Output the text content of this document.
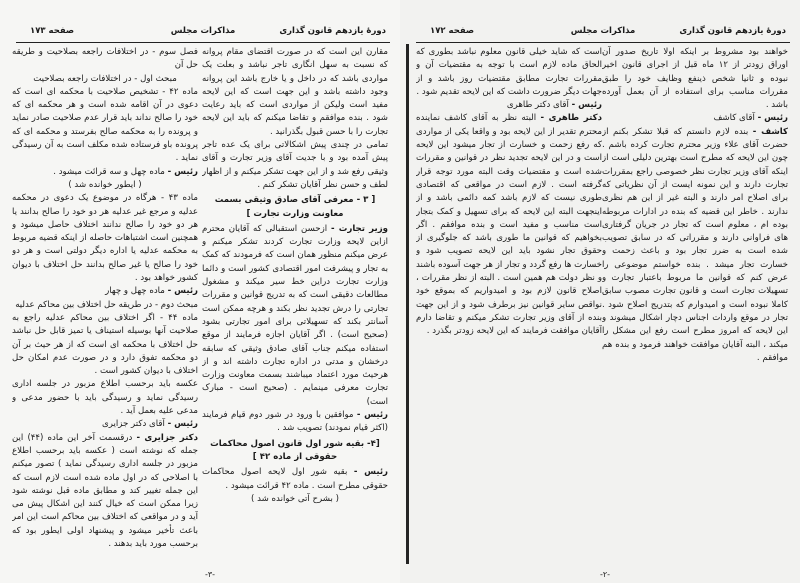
دورهٔ یازدهم قانون گذاری
مذاکرات مجلس
صفحه ۱۷۳

مقارن این است که در صورت اقتضای مقام پروانه که نسبت به سهل انگاری تاجر نباشد و بعلت یک مواردی باشد که در داخل و یا خارج باشد این پروانه وجود داشته باشد و این جهت است که این لایحه مفید است ولیکن از مواردی است که باید رعایت شود . بنده موافقم و تقاضا میکنم که باید این لایحه تجارت را با حسن قبول بگذرانید .

تمامی در چندی پیش اشکالاتی برای یک عده تاجر پیش آمده بود و با جدیت آقای وزیر تجارت و آقای وثیقی رفع شد و از این جهت تشکر میکنم و از اظهار لطف و حسن نظر آقایان تشکر کنم .

[ ۳ - معرفی آقای صادق وثیقی بسمت معاونت وزارت تجارت ]

وزیر تجارت - ازحسن استقبالی که آقایان محترم ازاین لایحه وزارت تجارت کردند تشکر میکنم و عرض میکنم منظور همان است که فرمودند که کمک به تجار و پیشرفت امور اقتصادی کشور است و دائما وزارت تجارت دراین خط سیر میکند و مشغول مطالعات دقیقی است که به تدریج قوانین و مقررات تجارتی را درش تجدید نظر بکند و هرچه ممکن است آسانتر بکند که تسهیلاتی برای امور تجارتی بشود (صحیح است) . اگر آقایان اجازه فرمایند از موقع استفاده میکنم جناب آقای صادق وثیقی که سابقه درخشان و مدتی در اداره تجارت داشته اند و از هرحیث مورد اعتماد میباشند بسمت معاونت وزارت تجارت معرفی مینمایم . (صحیح است - مبارک است)

رئیس - موافقین با ورود در شور دوم قیام فرمایند (اکثر قیام نمودند) تصویب شد .

[۴- بقیه شور اول قانون اصول محاکمات حقوقی از ماده ۴۲ ]

رئیس - بقیه شور اول لایحه اصول محاکمات حقوقی مطرح است . ماده ۴۲ قرائت میشود .

( بشرح آتی خوانده شد )

فصل سوم - در اختلافات راجعه بصلاحیت و طریقه حل آن

مبحث اول - در اختلافات راجعه بصلاحیت

ماده ۴۲ - تشخیص صلاحیت با محکمه ای است که دعوی در آن اقامه شده است و هر محکمه ای که خود را صالح نداند باید قرار عدم صلاحیت صادر نماید و پرونده را به محکمه صالح بفرستد و محکمه ای که پرونده باو فرستاده شده مکلف است به آن رسیدگی نماید .

رئیس - ماده چهل و سه قرائت میشود .

( ایطور خوانده شد )

ماده ۴۳ - هرگاه در موضوع یک دعوی در محکمه عدلیه و مرجع غیر عدلیه هر دو خود را صالح بدانند یا هر دو خود را صالح ندانند اختلاف حاصل میشود و همچنین است اشتباهات حاصله از اینکه قضیه مربوط به محکمه عدلیه یا اداره دیگر دولتی است و هر دو خود را صالح یا غیر صالح بدانند حل اختلاف با دیوان کشور خواهد بود .

رئیس - ماده چهل و چهار

مبحث دوم - در طریقه حل اختلاف بین محاکم عدلیه

ماده ۴۴ - اگر اختلاف بین محاکم عدلیه راجع به صلاحیت آنها بوسیله استیناف یا تمیز قابل حل نباشد حل اختلاف با محکمه ای است که از هر حیث بر آن دو محکمه تفوق دارد و در صورت عدم امکان حل اختلاف با دیوان کشور است .

عکسه باید برحسب اطلاع مزبور در جلسه اداری رسیدگی نماید و رسیدگی باید با حضور مدعی و مدعی علیه بعمل آید .

رئیس - آقای دکتر جزایری

دکتر جزایری - درقسمت آخر این ماده (۴۴) این جمله که نوشته است ( عکسه باید برحسب اطلاع مزبور در جلسه اداری رسیدگی نماید ) تصور میکنم با اصلاحی که در اول ماده شده است لازم است که این جمله تغییر کند و مطابق ماده قبل نوشته شود زیرا ممکن است که خیال کنند این اشکال پیش می آید و در مواقعی که اختلاف بین محاکم است این امر باعث تأخیر میشود و پیشنهاد اولی ایطور بود که برحسب مورد باید بدهند .

-۳-
دورهٔ یازدهم قانون گذاری
مذاکرات مجلس
صفحه ۱۷۲

خواهند بود مشروط بر اینکه اولا تاریخ صدور آن اوراق زودتر از ۱۲ ماه قبل از اجرای قانون اخیر نبوده و ثانیا شخص ذینفع وظایف خود را طبق مقررات مناسب برای استفاده از آن بعمل آورده باشد .

رئیس - آقای کاشف

کاشف - بنده لازم دانستم که قبلا تشکر بکنم از حضرت آقای علاء وزیر محترم تجارت کرده باشم . چون این لایحه که مطرح است بهترین دلیلی است از اینکه آقای وزیر تجارت نظر خصوصی راجع بمقررات تجارت دارند و این نمونه ایست از آن نظریاتی که برای اصلاح امر دارند و البته غیر از این هم نظری ندارند . خاطر این قضیه که بنده در ادارات مربوطه بوده ام ، معلوم است که تجار در جریان گرفتاری های فراوانی دارند و مقرراتی که در سابق تصویب شده است به ضرر تجار بود و باعث زحمت و خسارت تجار میشد . بنده خواستم موضوعی را عرض کنم که قوانین ما مربوط باعتبار تجارت و تسهیلات تجارت است و قانون تجارت مصوب سابق کاملا نبوده است و امیدوارم که بتدریج اصلاح شود . تجار در موقع واردات اجناس دچار اشکال میشوند و این لایحه که امروز مطرح است رفع این مشکل را میکند ، البته آقایان موافقت خواهند فرمود و بنده هم موافقم .

است که شاید خیلی قانون معلوم نباشد بطوری که الحاق ماده لازم است با توجه به مقتضیات آن و مقررات تجارت مطابق مقتضیات روز باشد و از جهات دیگر ضرورت داشت که این لایحه تقدیم شود .

رئیس - آقای دکتر طاهری

دکتر طاهری - البته نظر به آقای کاشف نماینده محترم تقدیر از این لایحه بود و واقعا یکی از مواردی که رفع زحمت و خسارت از تجار میشود این لایحه است و در این لایحه تجدید نظر در قوانین و مقررات شده است و مقتضیات وقت البته مورد توجه قرار گرفته است . لازم است در مواقعی که اقتصادی طوری نیست که لازم باشد کمه دائمی باشد و از اینجهت البته این لایحه که برای تسهیل و کمک بتجار است مناسب و مفید است و بنده موافقم . اگر بخواهیم که قوانین ما طوری باشد که جلوگیری از حقوق تجار نشود باید این لایحه تصویب شود و خسارت ها رفع گردد و تجار از هر جهت آسوده باشند و نظر دولت هم همین است . البته از نظر مقررات ، اصلاح قانون لازم بود و امیدواریم که بموقع خود نواقص سایر قوانین نیز برطرف شود و از این جهت بنده از آقای وزیر تجارت تشکر میکنم و تقاضا دارم آقایان موافقت فرمایند که این لایحه زودتر بگذرد .

-۲-
